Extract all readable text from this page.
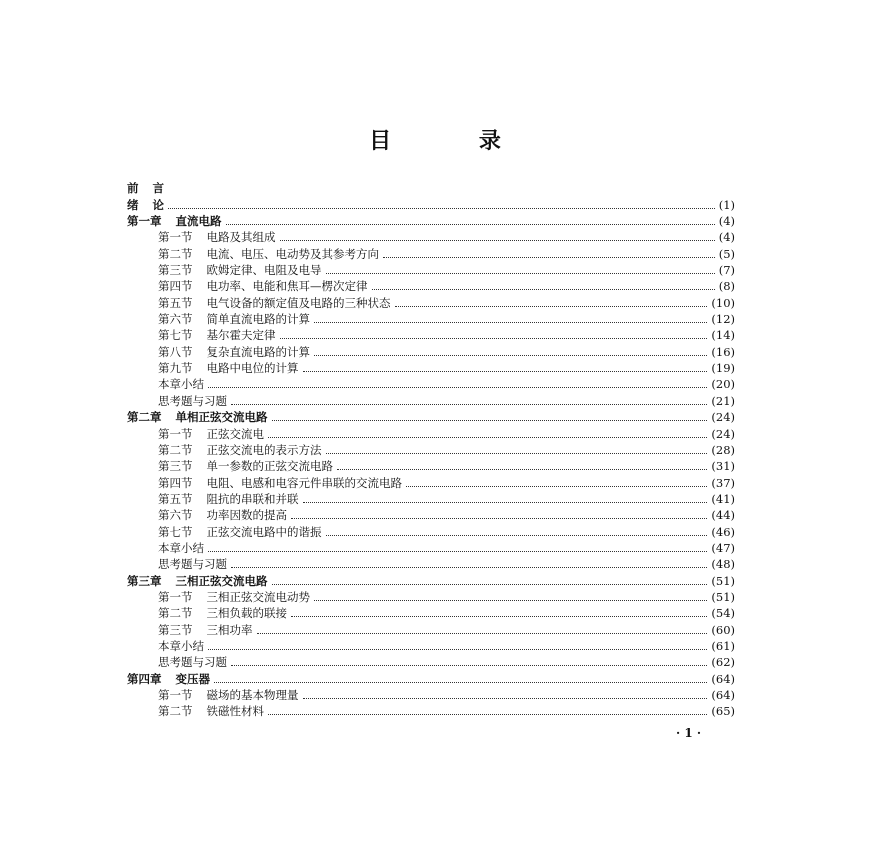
目 录
前 言
绪 论	(1)
第一章 直流电路	(4)
第一节 电路及其组成	(4)
第二节 电流、电压、电动势及其参考方向	(5)
第三节 欧姆定律、电阻及电导	(7)
第四节 电功率、电能和焦耳—楞次定律	(8)
第五节 电气设备的额定值及电路的三种状态	(10)
第六节 简单直流电路的计算	(12)
第七节 基尔霍夫定律	(14)
第八节 复杂直流电路的计算	(16)
第九节 电路中电位的计算	(19)
本章小结	(20)
思考题与习题	(21)
第二章 单相正弦交流电路	(24)
第一节 正弦交流电	(24)
第二节 正弦交流电的表示方法	(28)
第三节 单一参数的正弦交流电路	(31)
第四节 电阻、电感和电容元件串联的交流电路	(37)
第五节 阻抗的串联和并联	(41)
第六节 功率因数的提高	(44)
第七节 正弦交流电路中的谐振	(46)
本章小结	(47)
思考题与习题	(48)
第三章 三相正弦交流电路	(51)
第一节 三相正弦交流电动势	(51)
第二节 三相负载的联接	(54)
第三节 三相功率	(60)
本章小结	(61)
思考题与习题	(62)
第四章 变压器	(64)
第一节 磁场的基本物理量	(64)
第二节 铁磁性材料	(65)
· 1 ·
